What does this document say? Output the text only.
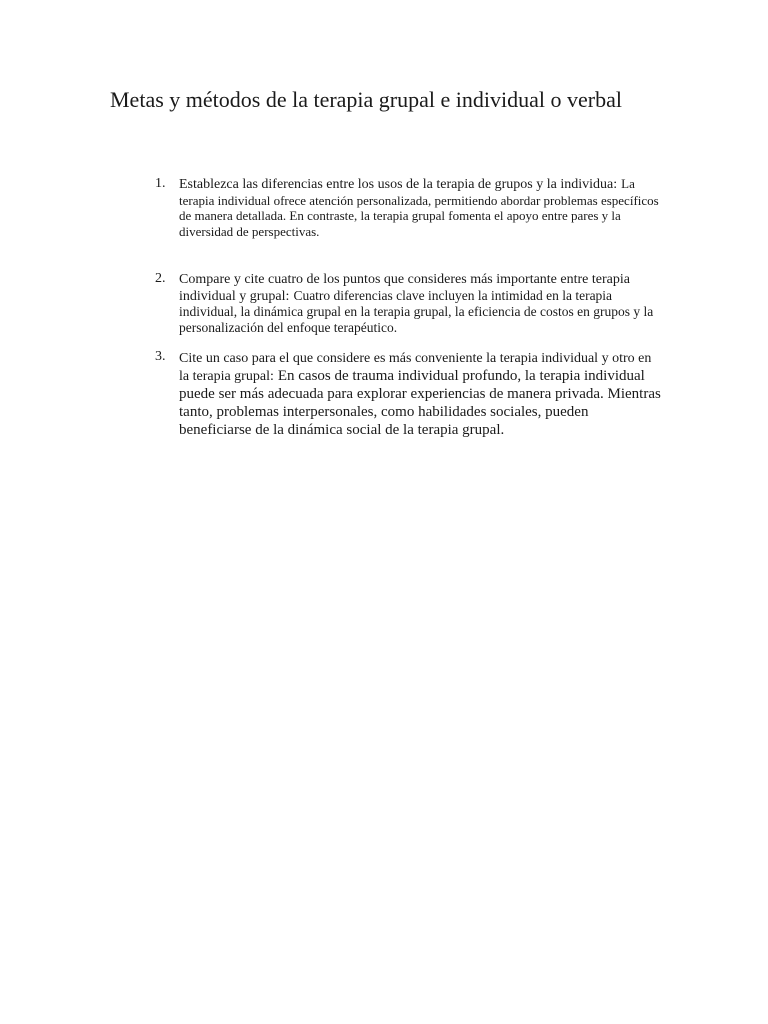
Metas y métodos de la terapia grupal e individual o verbal
1. Establezca las diferencias entre los usos de la terapia de grupos y la individua: La terapia individual ofrece atención personalizada, permitiendo abordar problemas específicos de manera detallada. En contraste, la terapia grupal fomenta el apoyo entre pares y la diversidad de perspectivas.
2. Compare y cite cuatro de los puntos que consideres más importante entre terapia individual y grupal: Cuatro diferencias clave incluyen la intimidad en la terapia individual, la dinámica grupal en la terapia grupal, la eficiencia de costos en grupos y la personalización del enfoque terapéutico.
3. Cite un caso para el que considere es más conveniente la terapia individual y otro en la terapia grupal: En casos de trauma individual profundo, la terapia individual puede ser más adecuada para explorar experiencias de manera privada. Mientras tanto, problemas interpersonales, como habilidades sociales, pueden beneficiarse de la dinámica social de la terapia grupal.
